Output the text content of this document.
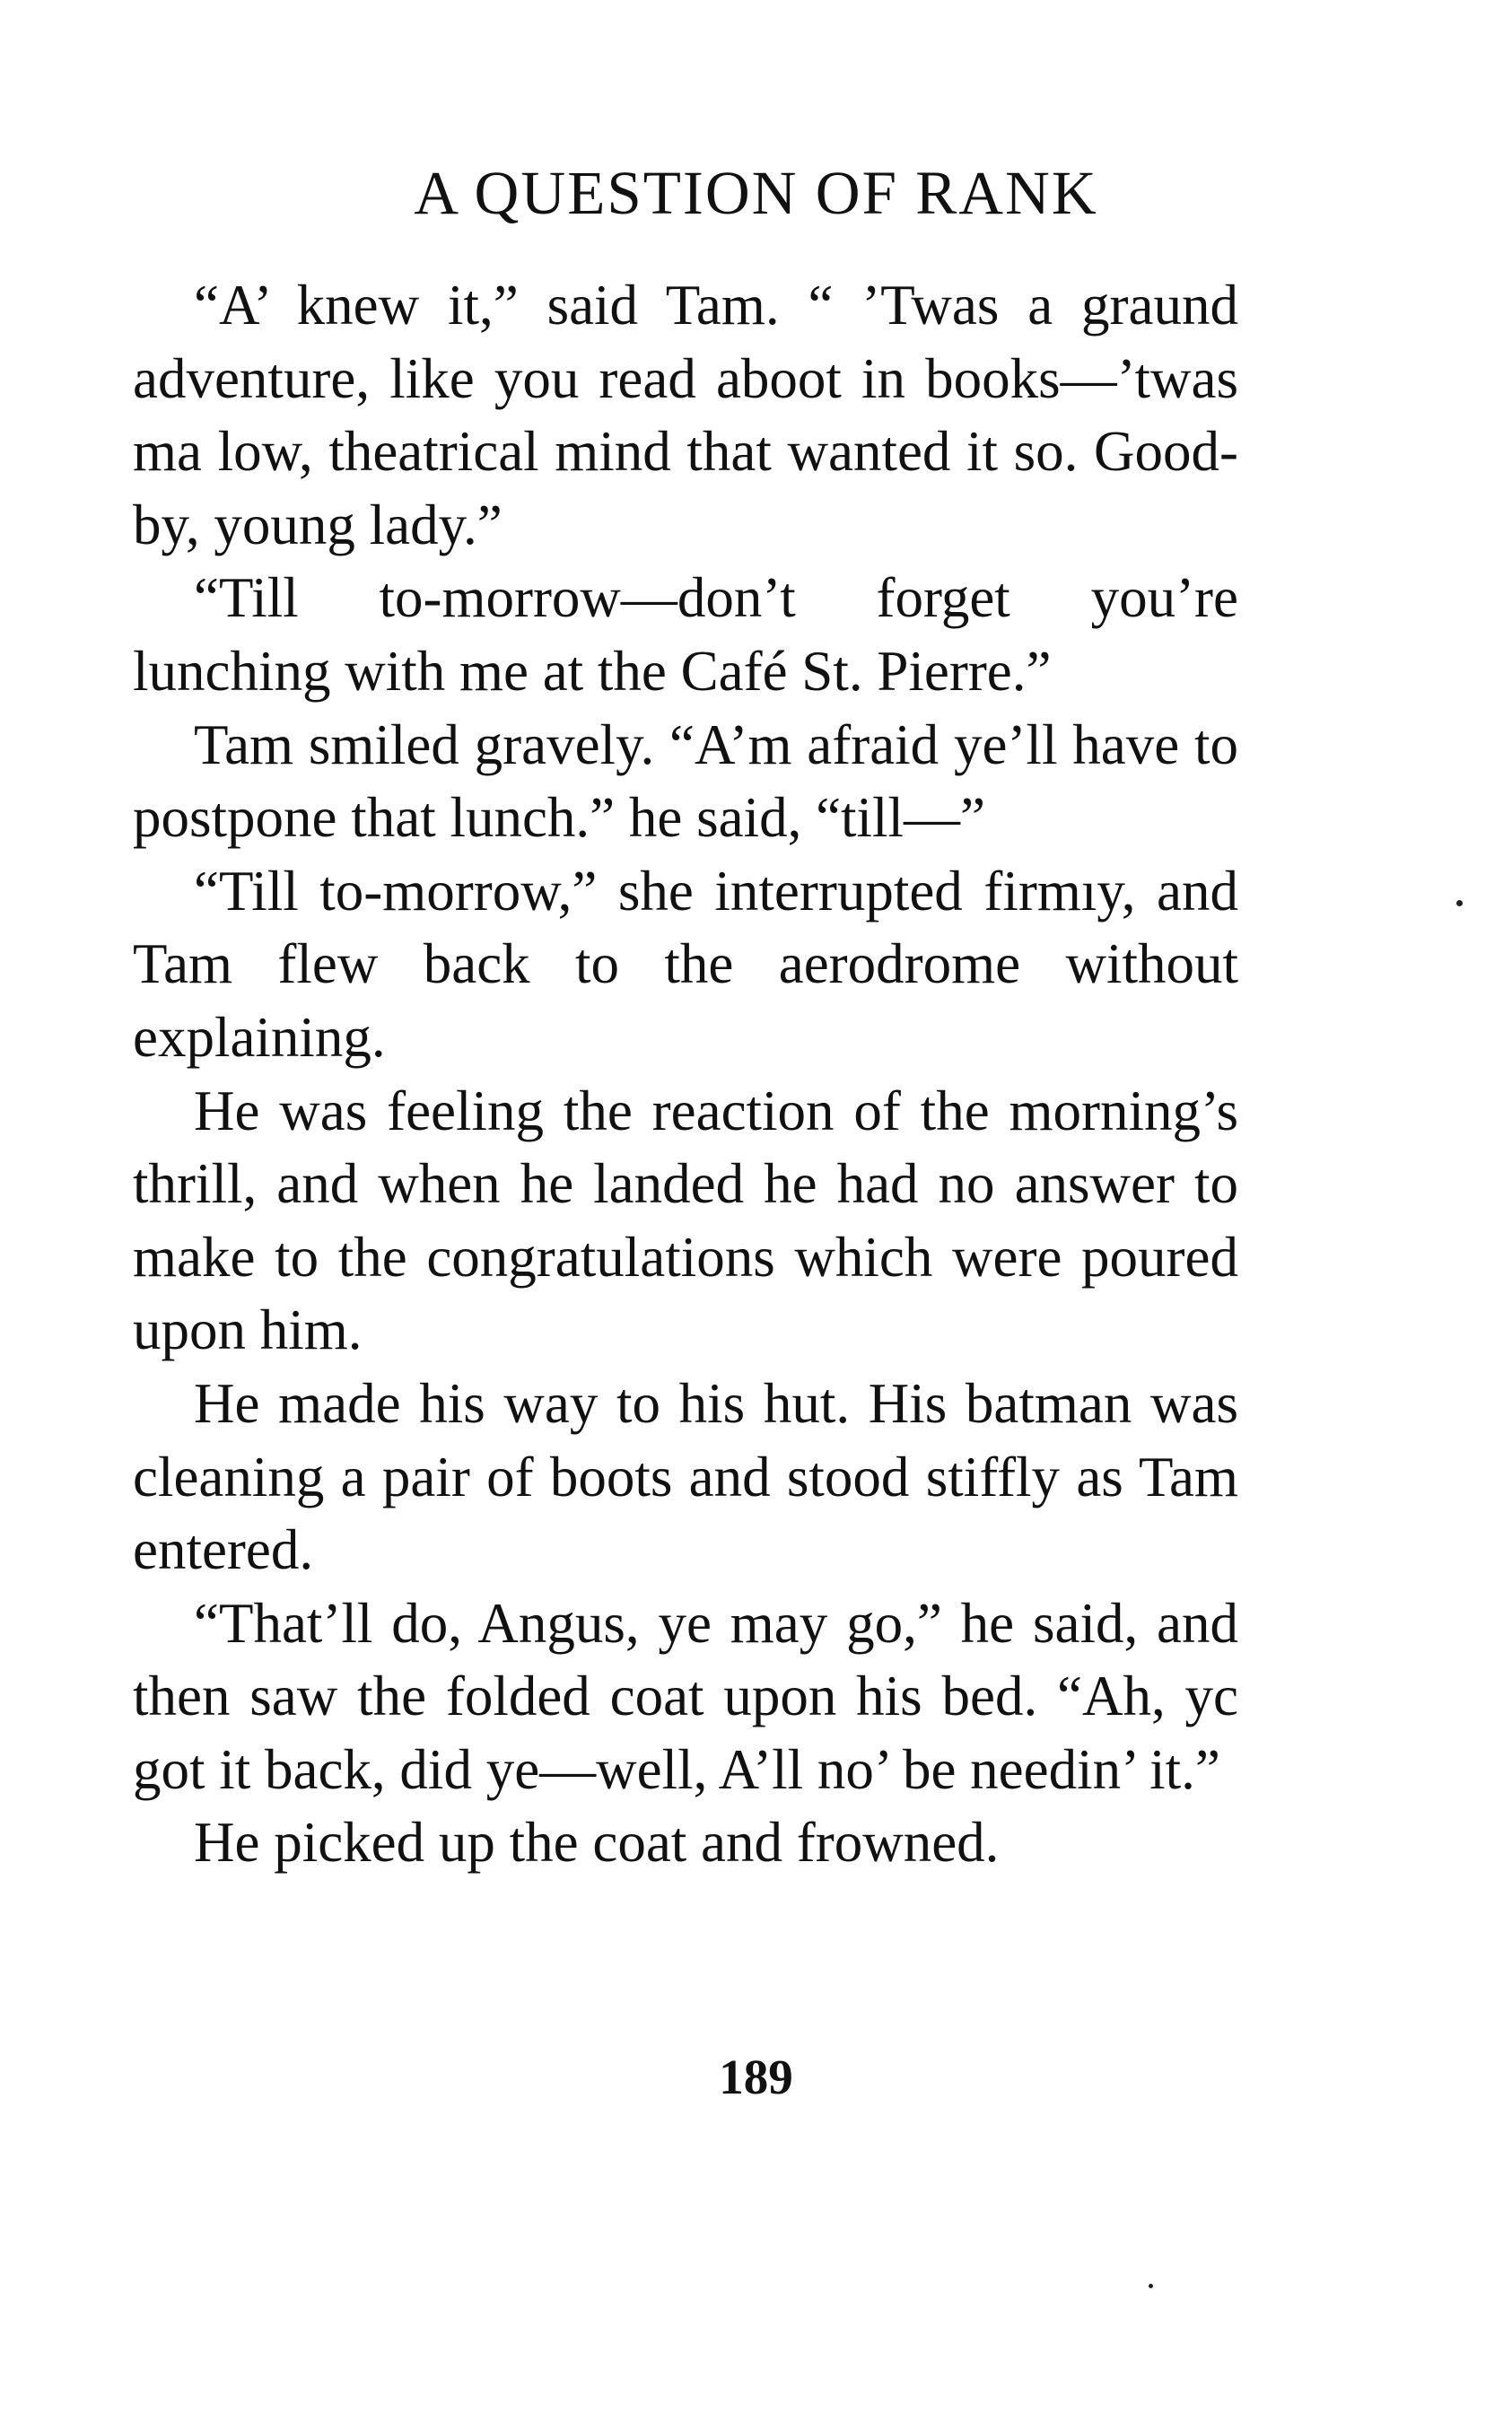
A QUESTION OF RANK

“A’ knew it,” said Tam. “ ’Twas a graund adventure, like you read aboot in books—’twas ma low, theatrical mind that wanted it so. Good-by, young lady.”

“Till to-morrow—don’t forget you’re lunching with me at the Café St. Pierre.”

Tam smiled gravely. “A’m afraid ye’ll have to postpone that lunch.” he said, “till—”

“Till to-morrow,” she interrupted firmıy, and Tam flew back to the aerodrome without explaining.

He was feeling the reaction of the morning’s thrill, and when he landed he had no answer to make to the congratulations which were poured upon him.

He made his way to his hut. His batman was cleaning a pair of boots and stood stiffly as Tam entered.

“That’ll do, Angus, ye may go,” he said, and then saw the folded coat upon his bed. “Ah, yc got it back, did ye—well, A’ll no’ be needin’ it.”

He picked up the coat and frowned.

189
